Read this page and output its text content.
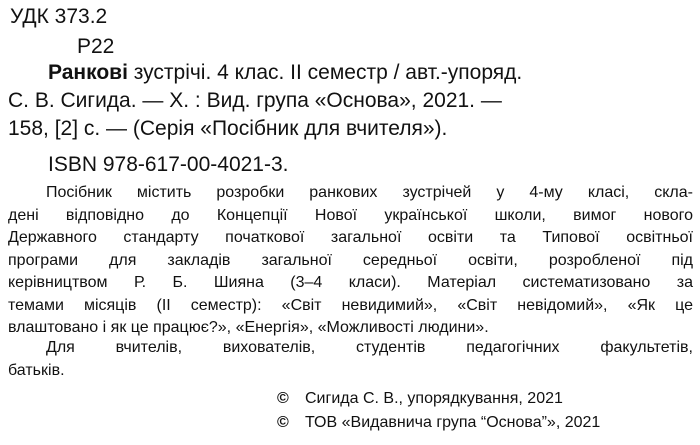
УДК 373.2
Р22
Ранкові зустрічі. 4 клас. ІІ семестр / авт.-упоряд.
С. В. Сигида. — Х. : Вид. група «Основа», 2021. —
158, [2] с. — (Серія «Посібник для вчителя»).
ISBN 978-617-00-4021-3.
Посібник містить розробки ранкових зустрічей у 4-му класі, скла-
дені відповідно до Концепції Нової української школи, вимог нового
Державного стандарту початкової загальної освіти та Типової освітньої
програми для закладів загальної середньої освіти, розробленої під
керівництвом Р. Б. Шияна (3–4 класи). Матеріал систематизовано за
темами місяців (ІІ семестр): «Світ невидимий», «Світ невідомий», «Як це
влаштовано і як це працює?», «Енергія», «Можливості людини».
Для вчителів, вихователів, студентів педагогічних факультетів,
батьків.
© Сигида С. В., упорядкування, 2021
© ТОВ «Видавнича група “Основа”», 2021
